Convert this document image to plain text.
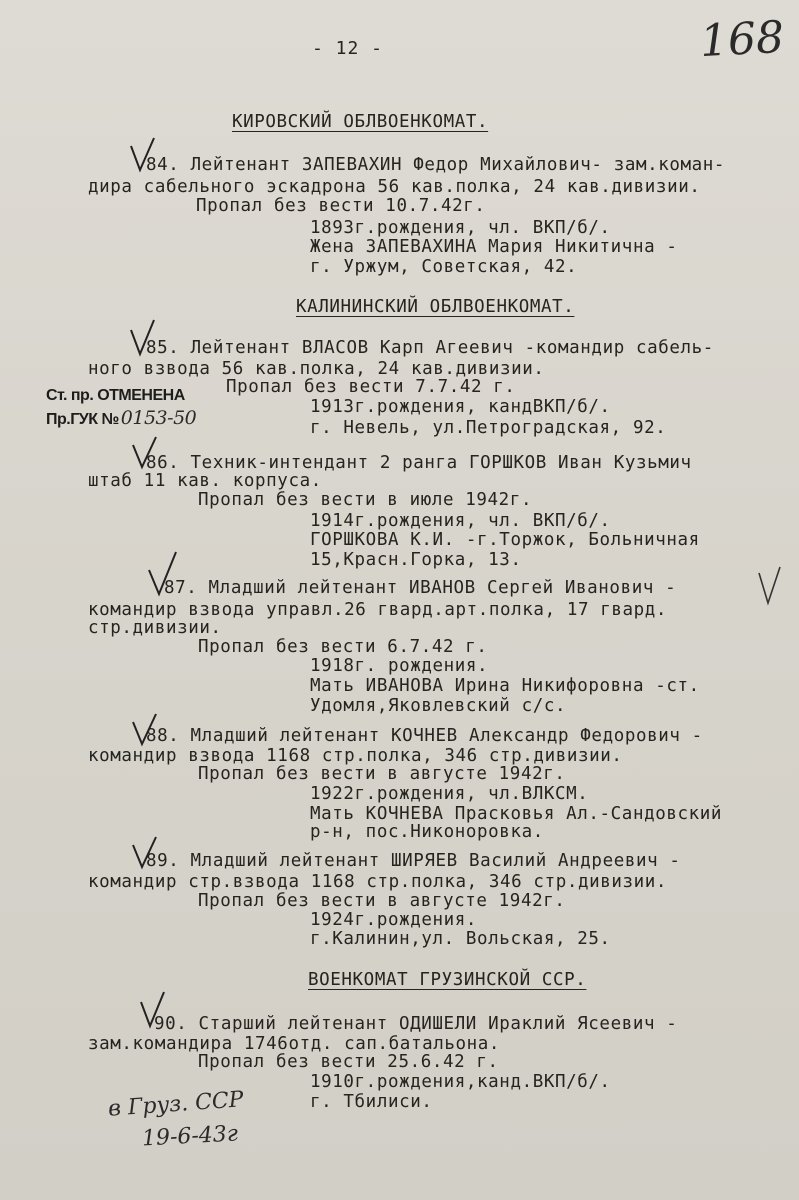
- 12 -	168
КИРОВСКИЙ ОБЛВОЕНКОМАТ.
84. Лейтенант ЗАПЕВАХИН Федор Михайлович- зам.коман-
дира сабельного эскадрона 56 кав.полка, 24 кав.дивизии.
Пропал без вести 10.7.42г.
1893г.рождения, чл. ВКП/б/.
Жена ЗАПЕВАХИНА Мария Никитична -
г. Уржум, Советская, 42.
КАЛИНИНСКИЙ ОБЛВОЕНКОМАТ.
85. Лейтенант ВЛАСОВ Карп Агеевич -командир сабель-
ного взвода 56 кав.полка, 24 кав.дивизии.
Пропал без вести 7.7.42 г.
1913г.рождения, кандВКП/б/.
г. Невель, ул.Петроградская, 92.
Ст. пр. ОТМЕНЕНА
Пр.ГУК № 0153-50
86. Техник-интендант 2 ранга ГОРШКОВ Иван Кузьмич
штаб 11 кав. корпуса.
Пропал без вести в июле 1942г.
1914г.рождения, чл. ВКП/б/.
ГОРШКОВА К.И. -г.Торжок, Больничная
15,Красн.Горка, 13.
87. Младший лейтенант ИВАНОВ Сергей Иванович -
командир взвода управл.26 гвард.арт.полка, 17 гвард.
стр.дивизии.
Пропал без вести 6.7.42 г.
1918г. рождения.
Мать ИВАНОВА Ирина Никифоровна -ст.
Удомля,Яковлевский с/с.
88. Младший лейтенант КОЧНЕВ Александр Федорович -
командир взвода 1168 стр.полка, 346 стр.дивизии.
Пропал без вести в августе 1942г.
1922г.рождения, чл.ВЛКСМ.
Мать КОЧНЕВА Прасковья Ал.-Сандовский
р-н, пос.Никоноровка.
89. Младший лейтенант ШИРЯЕВ Василий Андреевич -
командир стр.взвода 1168 стр.полка, 346 стр.дивизии.
Пропал без вести в августе 1942г.
1924г.рождения.
г.Калинин,ул. Вольская, 25.
ВОЕНКОМАТ ГРУЗИНСКОЙ ССР.
90. Старший лейтенант ОДИШЕЛИ Ираклий Ясеевич -
зам.командира 1746отд. сап.батальона.
Пропал без вести 25.6.42 г.
1910г.рождения,канд.ВКП/б/.
г. Тбилиси.
в Груз. ССР
19-6-43г
